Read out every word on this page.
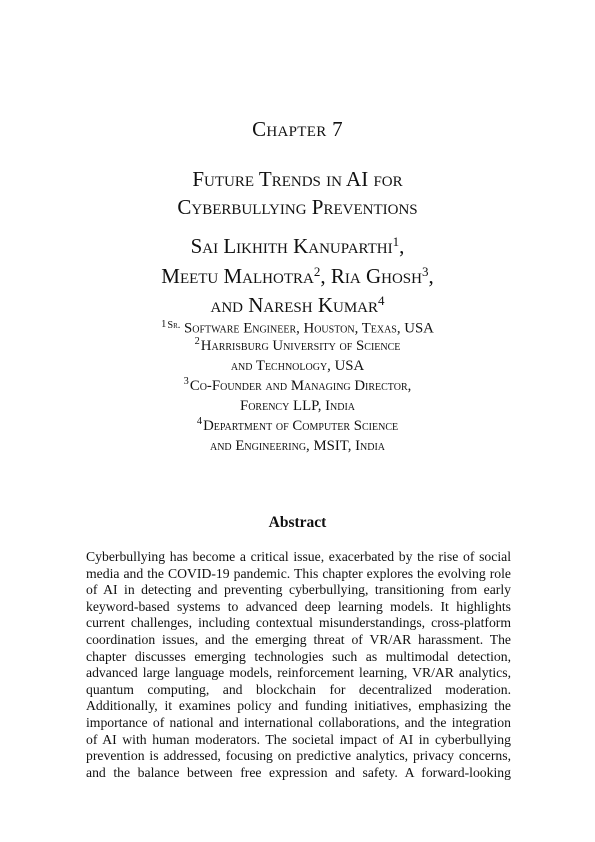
Chapter 7
Future Trends in AI for
Cyberbullying Preventions
Sai Likhith Kanuparthi$^1$,
Meetu Malhotra$^2$, Ria Ghosh$^3$,
and Naresh Kumar$^4$
$^{1Sr.}$ Software Engineer, Houston, Texas, USA
$^2$Harrisburg University of Science
and Technology, USA
$^3$Co-Founder and Managing Director,
Forency LLP, India
$^4$Department of Computer Science
and Engineering, MSIT, India
Abstract
Cyberbullying has become a critical issue, exacerbated by the rise of social
media and the COVID-19 pandemic. This chapter explores the evolving role
of AI in detecting and preventing cyberbullying, transitioning from early
keyword-based systems to advanced deep learning models. It highlights
current challenges, including contextual misunderstandings, cross-platform
coordination issues, and the emerging threat of VR/AR harassment. The
chapter discusses emerging technologies such as multimodal detection,
advanced large language models, reinforcement learning, VR/AR analytics,
quantum computing, and blockchain for decentralized moderation.
Additionally, it examines policy and funding initiatives, emphasizing the
importance of national and international collaborations, and the integration
of AI with human moderators. The societal impact of AI in cyberbullying
prevention is addressed, focusing on predictive analytics, privacy concerns,
and the balance between free expression and safety. A forward-looking
